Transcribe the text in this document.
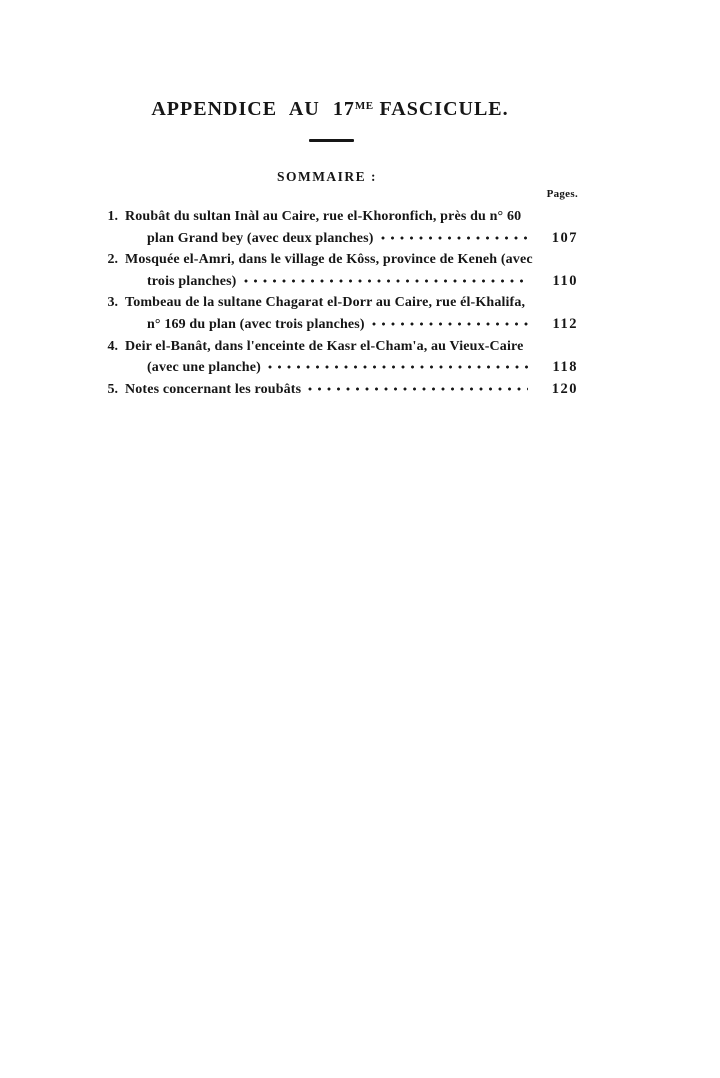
APPENDICE AU $17^{ME}$ FASCICULE.
SOMMAIRE :
Pages.
1. Roubât du sultan Inàl au Caire, rue el-Khoronfich, près du n° 60
plan Grand bey (avec deux planches)	107
2. Mosquée el-Amri, dans le village de Kôss, province de Keneh (avec
trois planches)	110
3. Tombeau de la sultane Chagarat el-Dorr au Caire, rue él-Khalifa,
n° 169 du plan (avec trois planches)	112
4. Deir el-Banât, dans l'enceinte de Kasr el-Cham'a, au Vieux-Caire
(avec une planche)	118
5. Notes concernant les roubâts	120
